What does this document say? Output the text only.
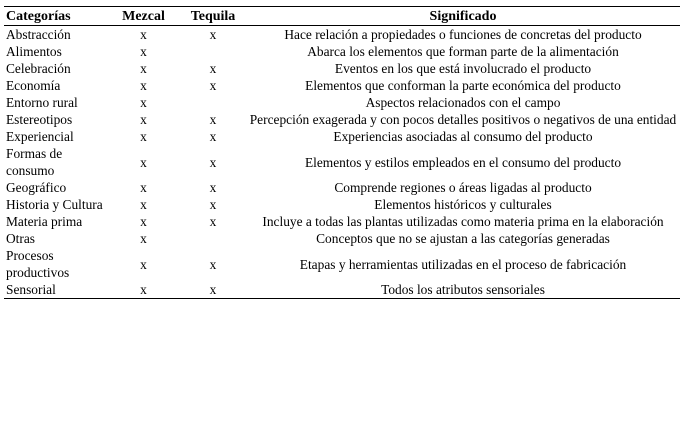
Categorías	Mezcal	Tequila	Significado
Abstracción	x	x	Hace relación a propiedades o funciones de concretas del producto
Alimentos	x		Abarca los elementos que forman parte de la alimentación
Celebración	x	x	Eventos en los que está involucrado el producto
Economía	x	x	Elementos que conforman la parte económica del producto
Entorno rural	x		Aspectos relacionados con el campo
Estereotipos	x	x	Percepción exagerada y con pocos detalles positivos o negativos de una entidad
Experiencial	x	x	Experiencias asociadas al consumo del producto
Formas de consumo	x	x	Elementos y estilos empleados en el consumo del producto
Geográfico	x	x	Comprende regiones o áreas ligadas al producto
Historia y Cultura	x	x	Elementos históricos y culturales
Materia prima	x	x	Incluye a todas las plantas utilizadas como materia prima en la elaboración
Otras	x		Conceptos que no se ajustan a las categorías generadas
Procesos productivos	x	x	Etapas y herramientas utilizadas en el proceso de fabricación
Sensorial	x	x	Todos los atributos sensoriales
